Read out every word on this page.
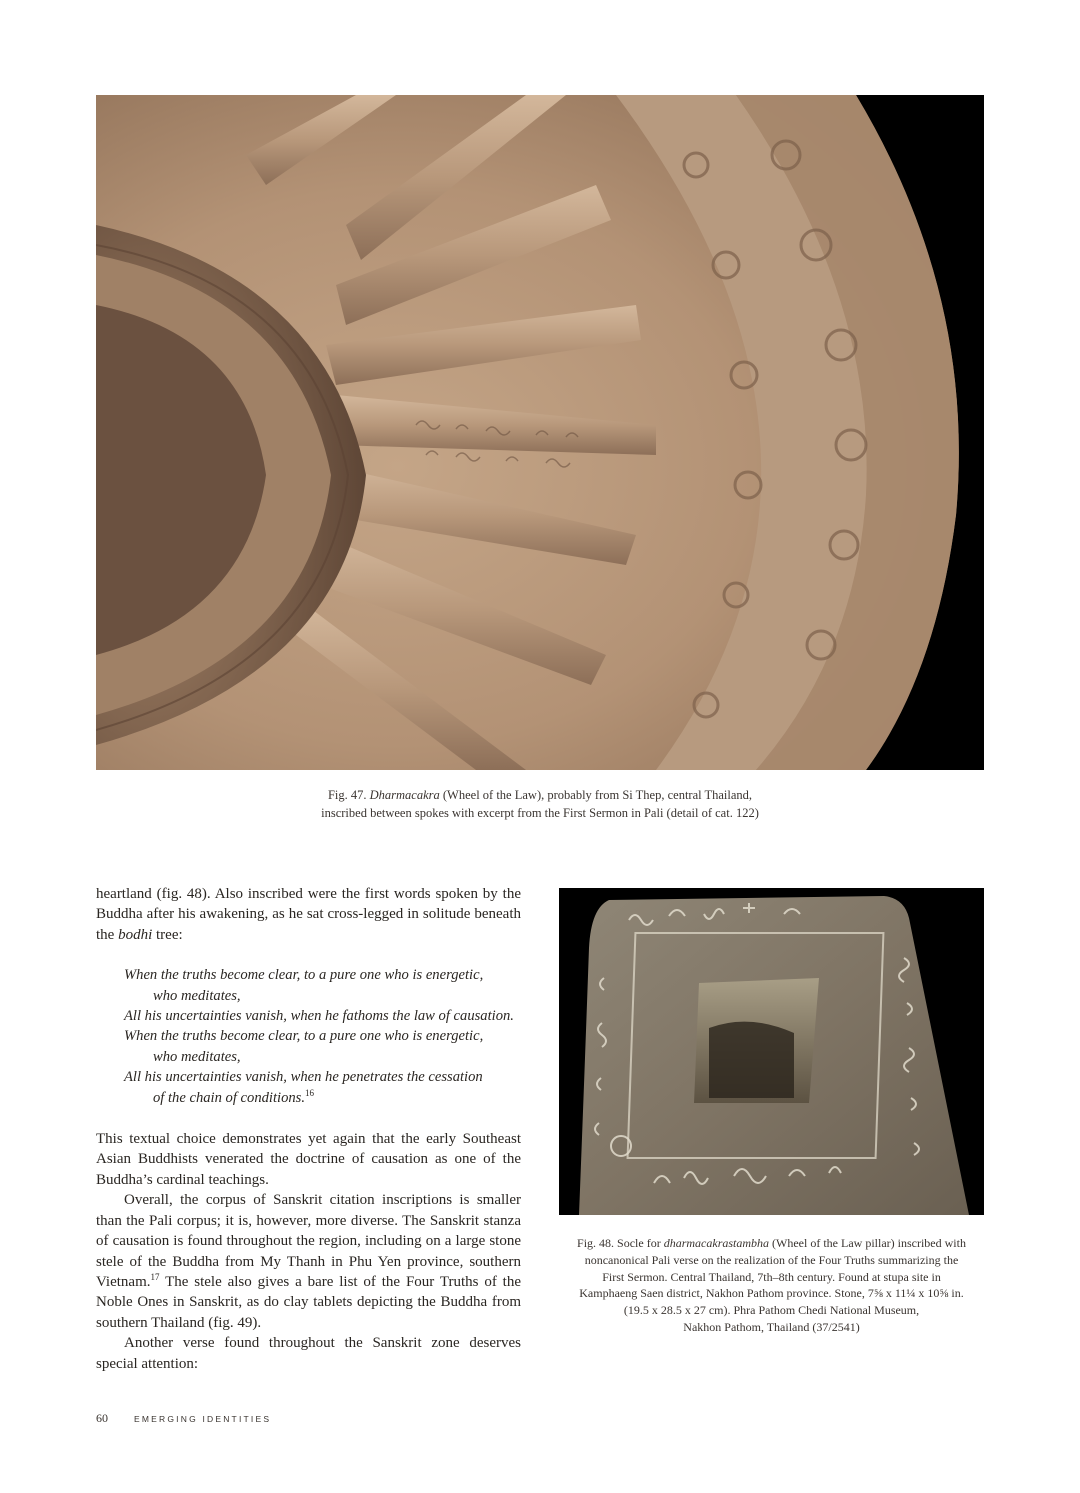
Fig. 47. Dharmacakra (Wheel of the Law), probably from Si Thep, central Thailand,
inscribed between spokes with excerpt from the First Sermon in Pali (detail of cat. 122)

heartland (fig. 48). Also inscribed were the first words spoken by the Buddha after his awakening, as he sat cross-legged in solitude beneath the bodhi tree:

When the truths become clear, to a pure one who is energetic,
who meditates,
All his uncertainties vanish, when he fathoms the law of causation.
When the truths become clear, to a pure one who is energetic,
who meditates,
All his uncertainties vanish, when he penetrates the cessation
of the chain of conditions.$^{16}$

This textual choice demonstrates yet again that the early Southeast Asian Buddhists venerated the doctrine of causation as one of the Buddha’s cardinal teachings.

Overall, the corpus of Sanskrit citation inscriptions is smaller than the Pali corpus; it is, however, more diverse. The Sanskrit stanza of causation is found throughout the region, including on a large stone stele of the Buddha from My Thanh in Phu Yen province, southern Vietnam.$^{17}$ The stele also gives a bare list of the Four Truths of the Noble Ones in Sanskrit, as do clay tablets depicting the Buddha from southern Thailand (fig. 49).

Another verse found throughout the Sanskrit zone deserves special attention:

Fig. 48. Socle for dharmacakrastambha (Wheel of the Law pillar) inscribed with
noncanonical Pali verse on the realization of the Four Truths summarizing the
First Sermon. Central Thailand, 7th–8th century. Found at stupa site in
Kamphaeng Saen district, Nakhon Pathom province. Stone, 7⅝ x 11¼ x 10⅝ in.
(19.5 x 28.5 x 27 cm). Phra Pathom Chedi National Museum,
Nakhon Pathom, Thailand (37/2541)
60	EMERGING IDENTITIES
